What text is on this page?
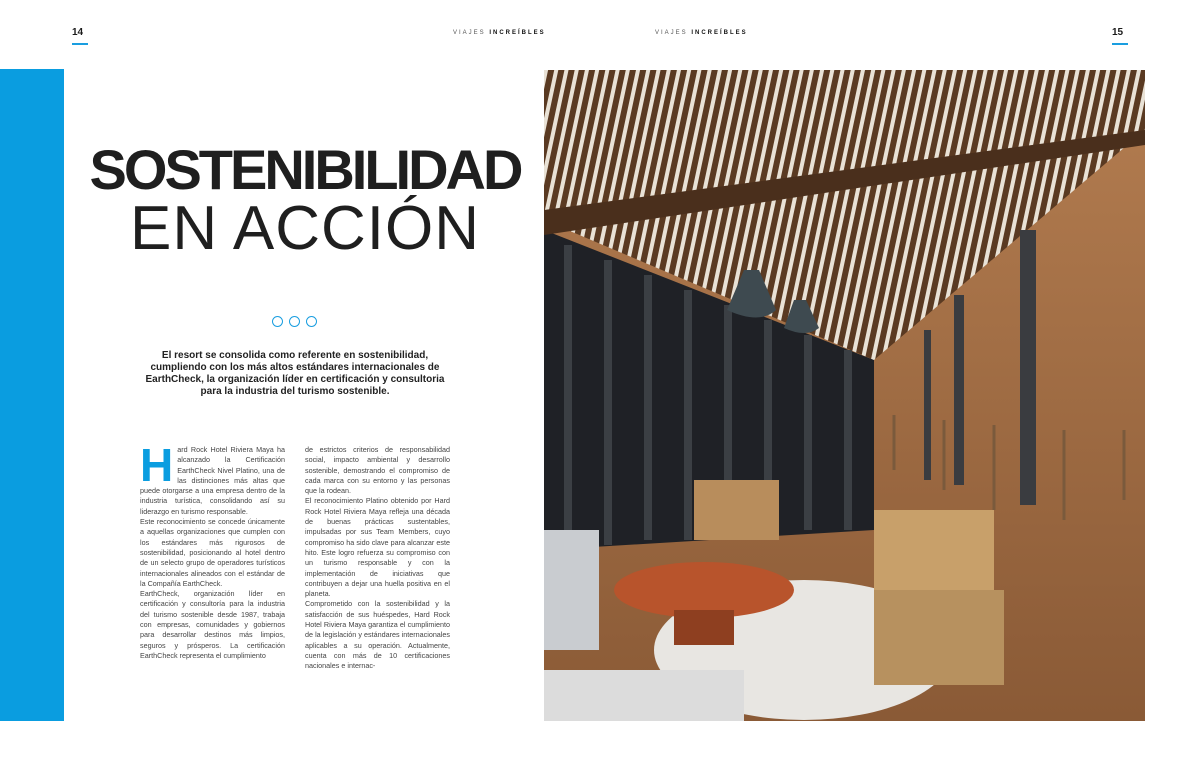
14	VIAJES INCREÍBLES	VIAJES INCREÍBLES	15
SOSTENIBILIDAD
EN ACCIÓN
El resort se consolida como referente en sostenibilidad, cumpliendo con los más altos estándares internacionales de EarthCheck, la organización líder en certificación y consultoria para la industria del turismo sostenible.
H ard Rock Hotel Riviera Maya ha alcanzado la Certificación EarthCheck Nivel Platino, una de las distinciones más altas que puede otorgarse a una empresa dentro de la industria turística, consolidando así su liderazgo en turismo responsable.

Este reconocimiento se concede únicamente a aquellas organizaciones que cumplen con los estándares más rigurosos de sostenibilidad, posicionando al hotel dentro de un selecto grupo de operadores turísticos internacionales alineados con el estándar de la Compañía EarthCheck.

EarthCheck, organización líder en certificación y consultoría para la industria del turismo sostenible desde 1987, trabaja con empresas, comunidades y gobiernos para desarrollar destinos más limpios, seguros y prósperos. La certificación EarthCheck representa el cumplimiento

de estrictos criterios de responsabilidad social, impacto ambiental y desarrollo sostenible, demostrando el compromiso de cada marca con su entorno y las personas que la rodean.

El reconocimiento Platino obtenido por Hard Rock Hotel Riviera Maya refleja una década de buenas prácticas sustentables, impulsadas por sus Team Members, cuyo compromiso ha sido clave para alcanzar este hito. Este logro refuerza su compromiso con un turismo responsable y con la implementación de iniciativas que contribuyen a dejar una huella positiva en el planeta.

Comprometido con la sostenibilidad y la satisfacción de sus huéspedes, Hard Rock Hotel Riviera Maya garantiza el cumplimiento de la legislación y estándares internacionales aplicables a su operación. Actualmente, cuenta con más de 10 certificaciones nacionales e internac-
